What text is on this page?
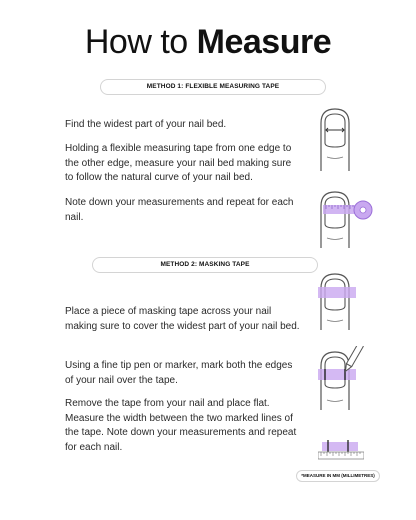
How to Measure
METHOD 1: FLEXIBLE MEASURING TAPE
Find the widest part of your nail bed.
Holding a flexible measuring tape from one edge to the other edge, measure your nail bed making sure to follow the natural curve of your nail bed.
Note down your measurements and repeat for each nail.
METHOD 2: MASKING TAPE
Place a piece of masking tape across your nail making sure to cover the widest part of your nail bed.
Using a fine tip pen or marker, mark both the edges of your nail over the tape.
Remove the tape from your nail and place flat. Measure the width between the two marked lines of the tape. Note down your measurements and repeat for each nail.
*MEASURE IN MM (MILLIMETRES)
